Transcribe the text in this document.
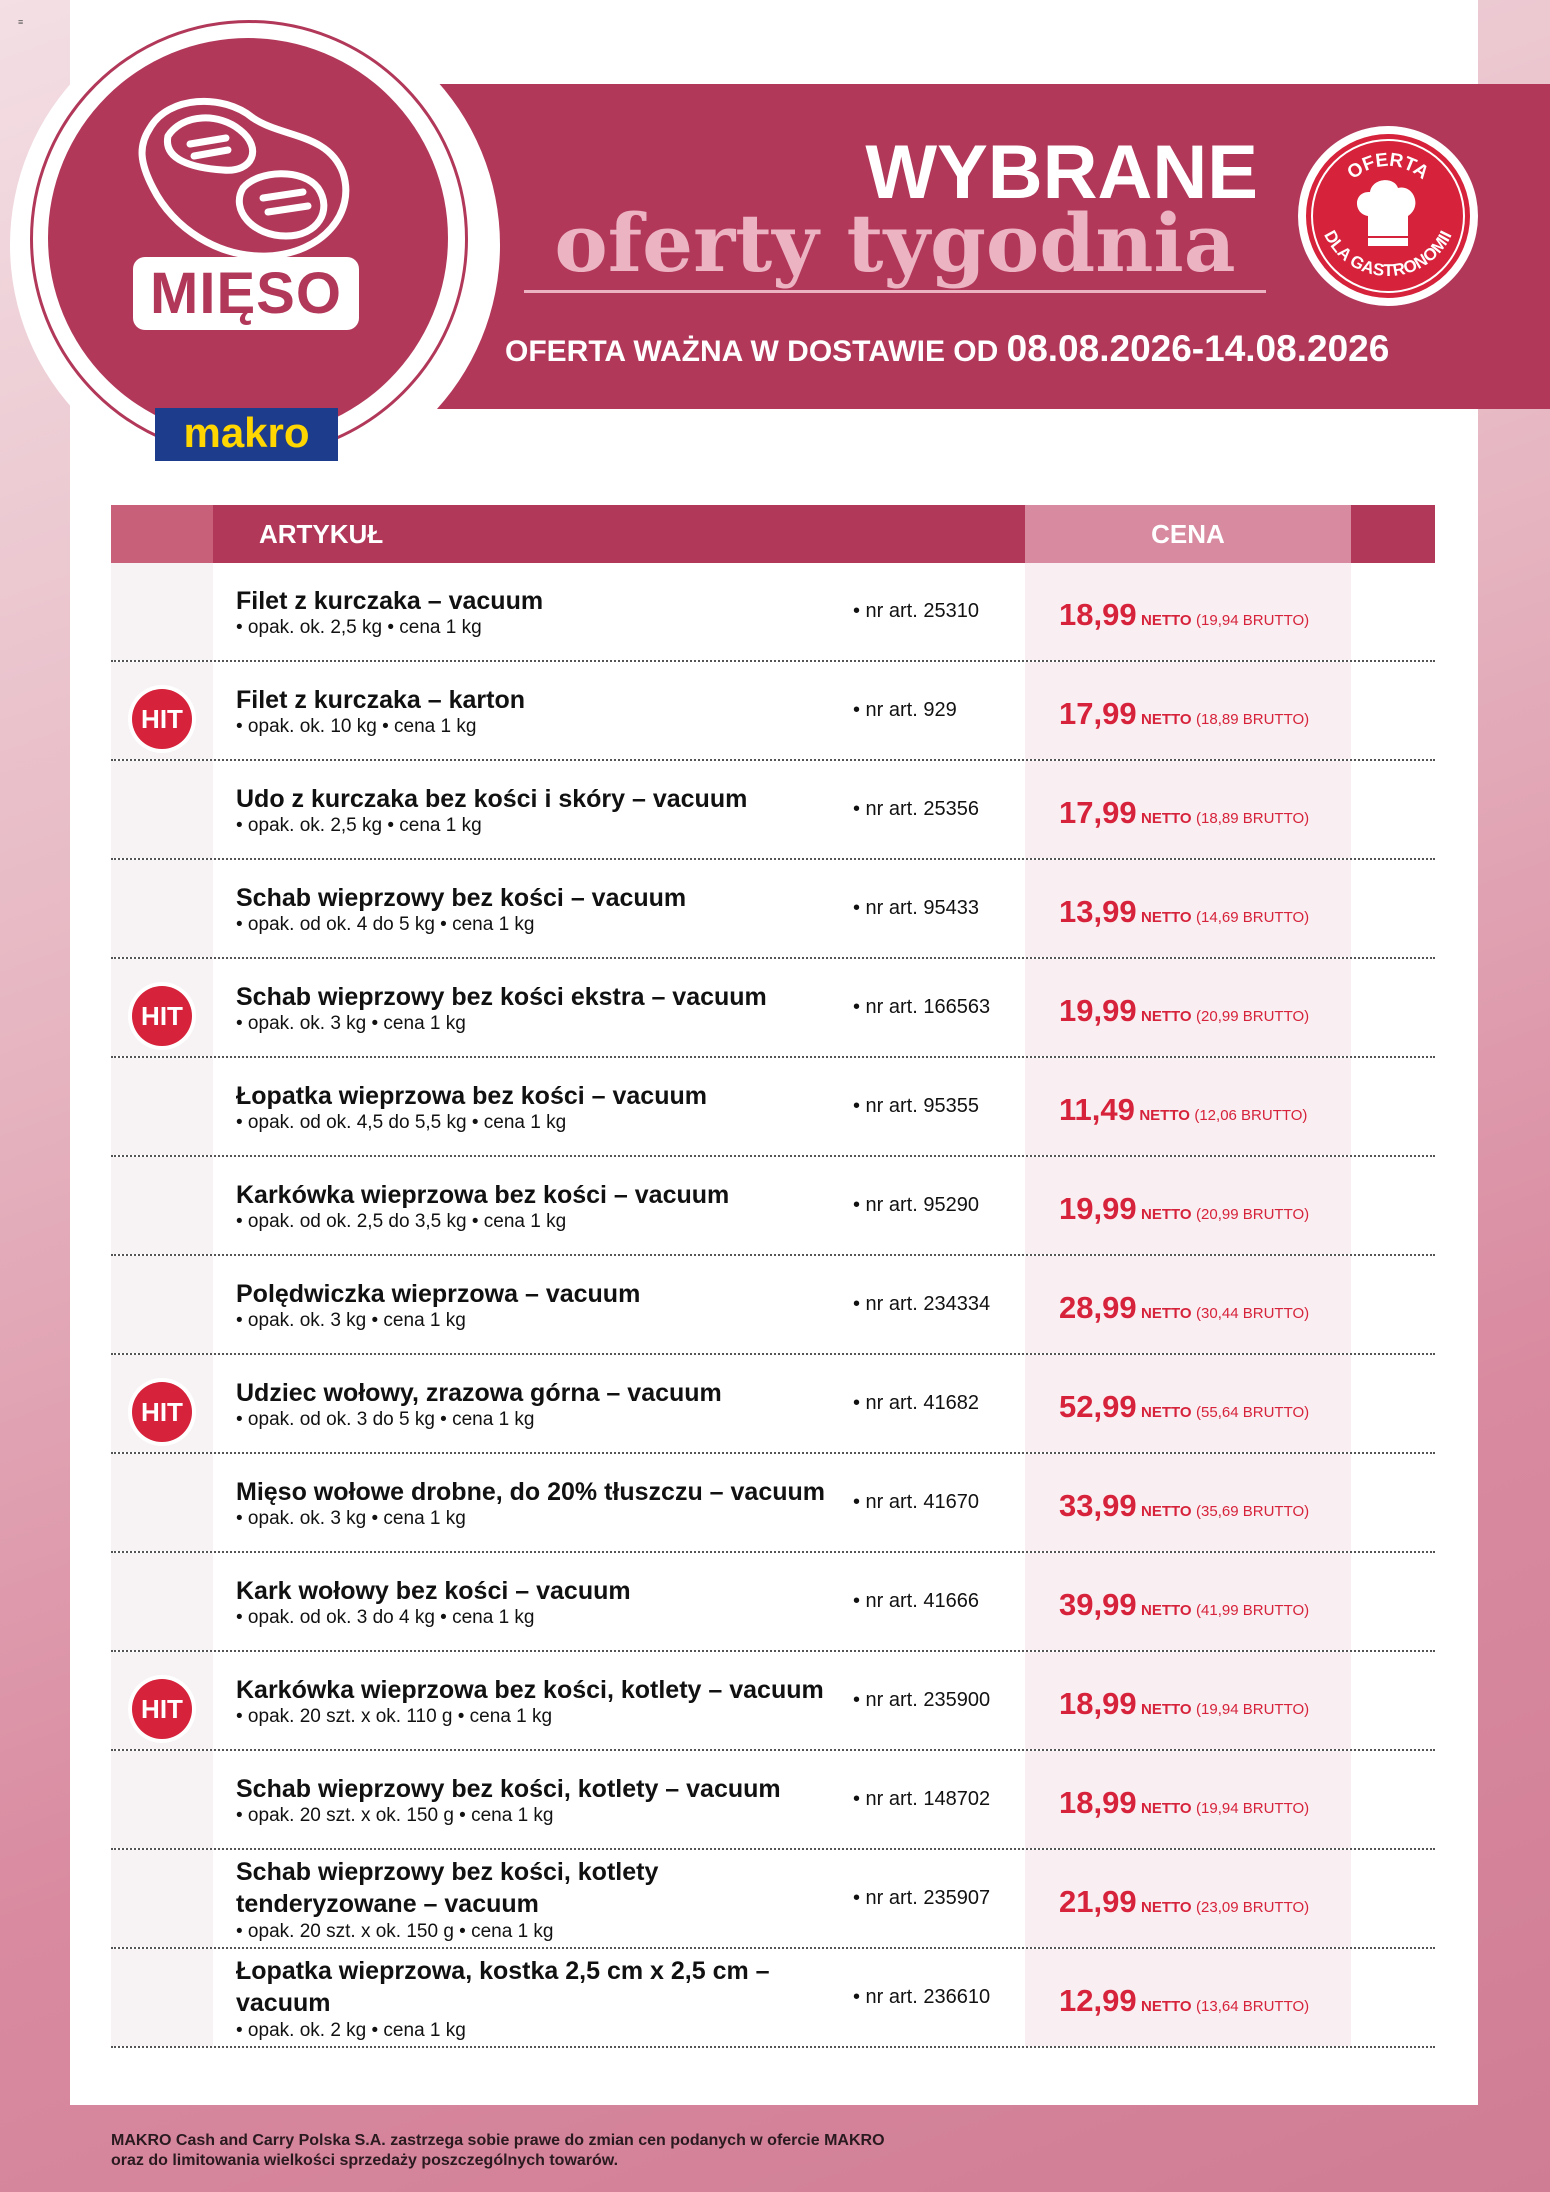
≡
MIĘSO
makro
WYBRANE
oferty tygodnia
OFERTA WAŻNA W DOSTAWIE OD 08.08.2026-14.08.2026
OFERTA
DLA GASTRONOMII
ARTYKUŁ	CENA
Filet z kurczaka – vacuum
• opak. ok. 2,5 kg • cena 1 kg
• nr art. 25310	18,99 NETTO (19,94 BRUTTO)
HIT
Filet z kurczaka – karton
• opak. ok. 10 kg • cena 1 kg
• nr art. 929	17,99 NETTO (18,89 BRUTTO)
Udo z kurczaka bez kości i skóry – vacuum
• opak. ok. 2,5 kg • cena 1 kg
• nr art. 25356	17,99 NETTO (18,89 BRUTTO)
Schab wieprzowy bez kości – vacuum
• opak. od ok. 4 do 5 kg • cena 1 kg
• nr art. 95433	13,99 NETTO (14,69 BRUTTO)
HIT
Schab wieprzowy bez kości ekstra – vacuum
• opak. ok. 3 kg • cena 1 kg
• nr art. 166563 19,99 NETTO (20,99 BRUTTO)
Łopatka wieprzowa bez kości – vacuum
• opak. od ok. 4,5 do 5,5 kg • cena 1 kg
• nr art. 95355	11,49 NETTO (12,06 BRUTTO)
Karkówka wieprzowa bez kości – vacuum
• opak. od ok. 2,5 do 3,5 kg • cena 1 kg
• nr art. 95290	19,99 NETTO (20,99 BRUTTO)
Polędwiczka wieprzowa – vacuum
• opak. ok. 3 kg • cena 1 kg
• nr art. 234334 28,99 NETTO (30,44 BRUTTO)
HIT
Udziec wołowy, zrazowa górna – vacuum
• opak. od ok. 3 do 5 kg • cena 1 kg
• nr art. 41682	52,99 NETTO (55,64 BRUTTO)
Mięso wołowe drobne, do 20% tłuszczu – vacuum
• opak. ok. 3 kg • cena 1 kg
• nr art. 41670	33,99 NETTO (35,69 BRUTTO)
Kark wołowy bez kości – vacuum
• opak. od ok. 3 do 4 kg • cena 1 kg
• nr art. 41666	39,99 NETTO (41,99 BRUTTO)
HIT
Karkówka wieprzowa bez kości, kotlety – vacuum
• opak. 20 szt. x ok. 110 g • cena 1 kg
• nr art. 235900 18,99 NETTO (19,94 BRUTTO)
Schab wieprzowy bez kości, kotlety – vacuum
• opak. 20 szt. x ok. 150 g • cena 1 kg
• nr art. 148702 18,99 NETTO (19,94 BRUTTO)
Schab wieprzowy bez kości, kotlety tenderyzowane – vacuum
• opak. 20 szt. x ok. 150 g • cena 1 kg
• nr art. 235907 21,99 NETTO (23,09 BRUTTO)
Łopatka wieprzowa, kostka 2,5 cm x 2,5 cm – vacuum
• opak. ok. 2 kg • cena 1 kg
• nr art. 236610 12,99 NETTO (13,64 BRUTTO)
MAKRO Cash and Carry Polska S.A. zastrzega sobie prawe do zmian cen podanych w ofercie MAKRO
oraz do limitowania wielkości sprzedaży poszczególnych towarów.
